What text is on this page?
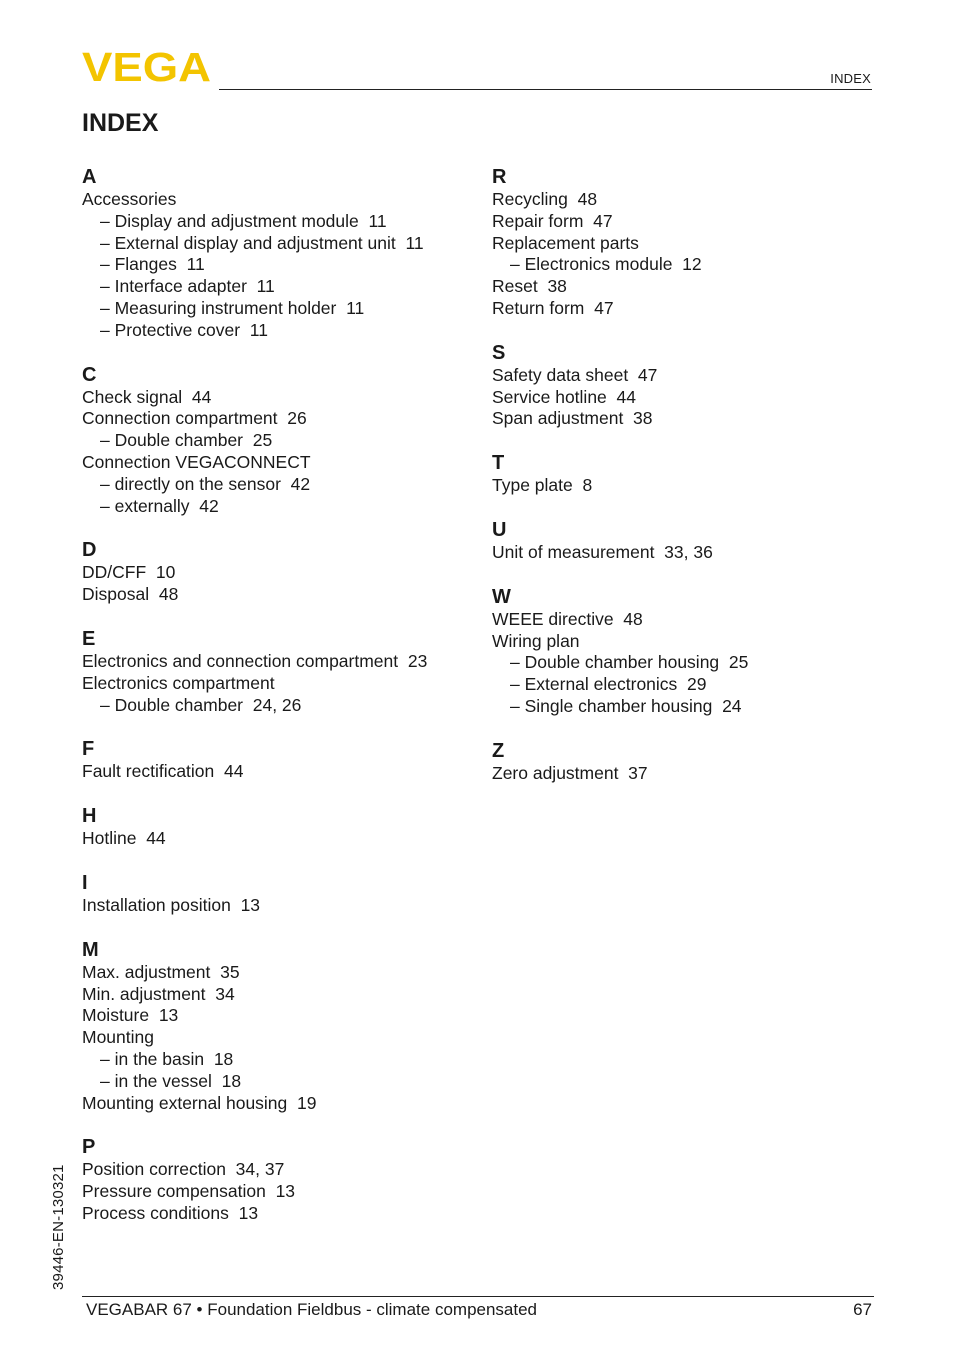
VEGA	INDEX
INDEX
A
Accessories
– Display and adjustment module  11
– External display and adjustment unit  11
– Flanges  11
– Interface adapter  11
– Measuring instrument holder  11
– Protective cover  11
C
Check signal  44
Connection compartment  26
– Double chamber  25
Connection VEGACONNECT
– directly on the sensor  42
– externally  42
D
DD/CFF  10
Disposal  48
E
Electronics and connection compartment  23
Electronics compartment
– Double chamber  24, 26
F
Fault rectification  44
H
Hotline  44
I
Installation position  13
M
Max. adjustment  35
Min. adjustment  34
Moisture  13
Mounting
– in the basin  18
– in the vessel  18
Mounting external housing  19
P
Position correction  34, 37
Pressure compensation  13
Process conditions  13
R
Recycling  48
Repair form  47
Replacement parts
– Electronics module  12
Reset  38
Return form  47
S
Safety data sheet  47
Service hotline  44
Span adjustment  38
T
Type plate  8
U
Unit of measurement  33, 36
W
WEEE directive  48
Wiring plan
– Double chamber housing  25
– External electronics  29
– Single chamber housing  24
Z
Zero adjustment  37
39446-EN-130321
VEGABAR 67 • Foundation Fieldbus - climate compensated	67
